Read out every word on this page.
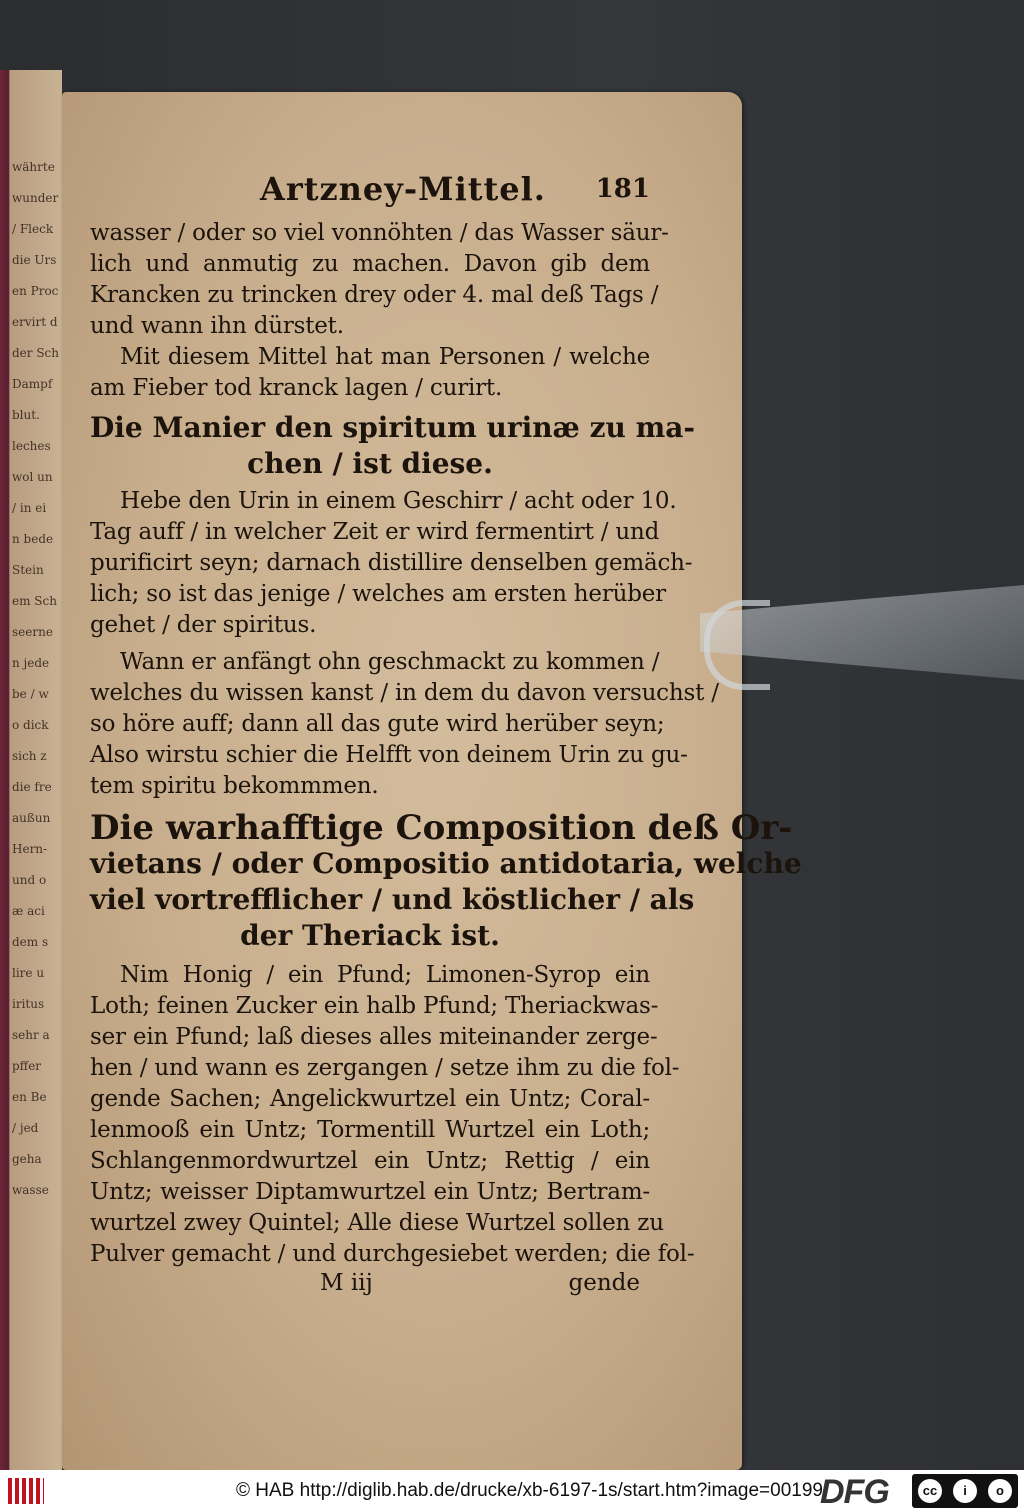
währte
wunder
/ Fleck
die Urs
en Proc
ervirt d
der Sch
Dampf
blut.
leches
wol un
/ in ei
n bede
Stein
em Sch
seerne
n jede
be / w
o dick
sich z
die fre
außun
Hern-
und o
æ aci
dem s
lire u
iritus
sehr a
pffer
en Be
/ jed
geha
wasse
Artzney-Mittel. 181
wasser / oder so viel vonnöhten / das Wasser säur-
lich und anmutig zu machen. Davon gib dem
Krancken zu trincken drey oder 4. mal deß Tags /
und wann ihn dürstet.
Mit diesem Mittel hat man Personen / welche
am Fieber tod kranck lagen / curirt.
Die Manier den spiritum urinæ zu ma-
chen / ist diese.
Hebe den Urin in einem Geschirr / acht oder 10.
Tag auff / in welcher Zeit er wird fermentirt / und
purificirt seyn; darnach distillire denselben gemäch-
lich; so ist das jenige / welches am ersten herüber
gehet / der spiritus.
Wann er anfängt ohn geschmackt zu kommen /
welches du wissen kanst / in dem du davon versuchst /
so höre auff; dann all das gute wird herüber seyn;
Also wirstu schier die Helfft von deinem Urin zu gu-
tem spiritu bekommmen.
Die warhafftige Composition deß Or-
vietans / oder Compositio antidotaria, welche
viel vortrefflicher / und köstlicher / als
der Theriack ist.
Nim Honig / ein Pfund; Limonen-Syrop ein
Loth; feinen Zucker ein halb Pfund; Theriackwas-
ser ein Pfund; laß dieses alles miteinander zerge-
hen / und wann es zergangen / setze ihm zu die fol-
gende Sachen; Angelickwurtzel ein Untz; Coral-
lenmooß ein Untz; Tormentill Wurtzel ein Loth;
Schlangenmordwurtzel ein Untz; Rettig / ein
Untz; weisser Diptamwurtzel ein Untz; Bertram-
wurtzel zwey Quintel; Alle diese Wurtzel sollen zu
Pulver gemacht / und durchgesiebet werden; die fol-
M iij	gende
© HAB http://diglib.hab.de/drucke/xb-6197-1s/start.htm?image=00199
DFG	cc	i	o
